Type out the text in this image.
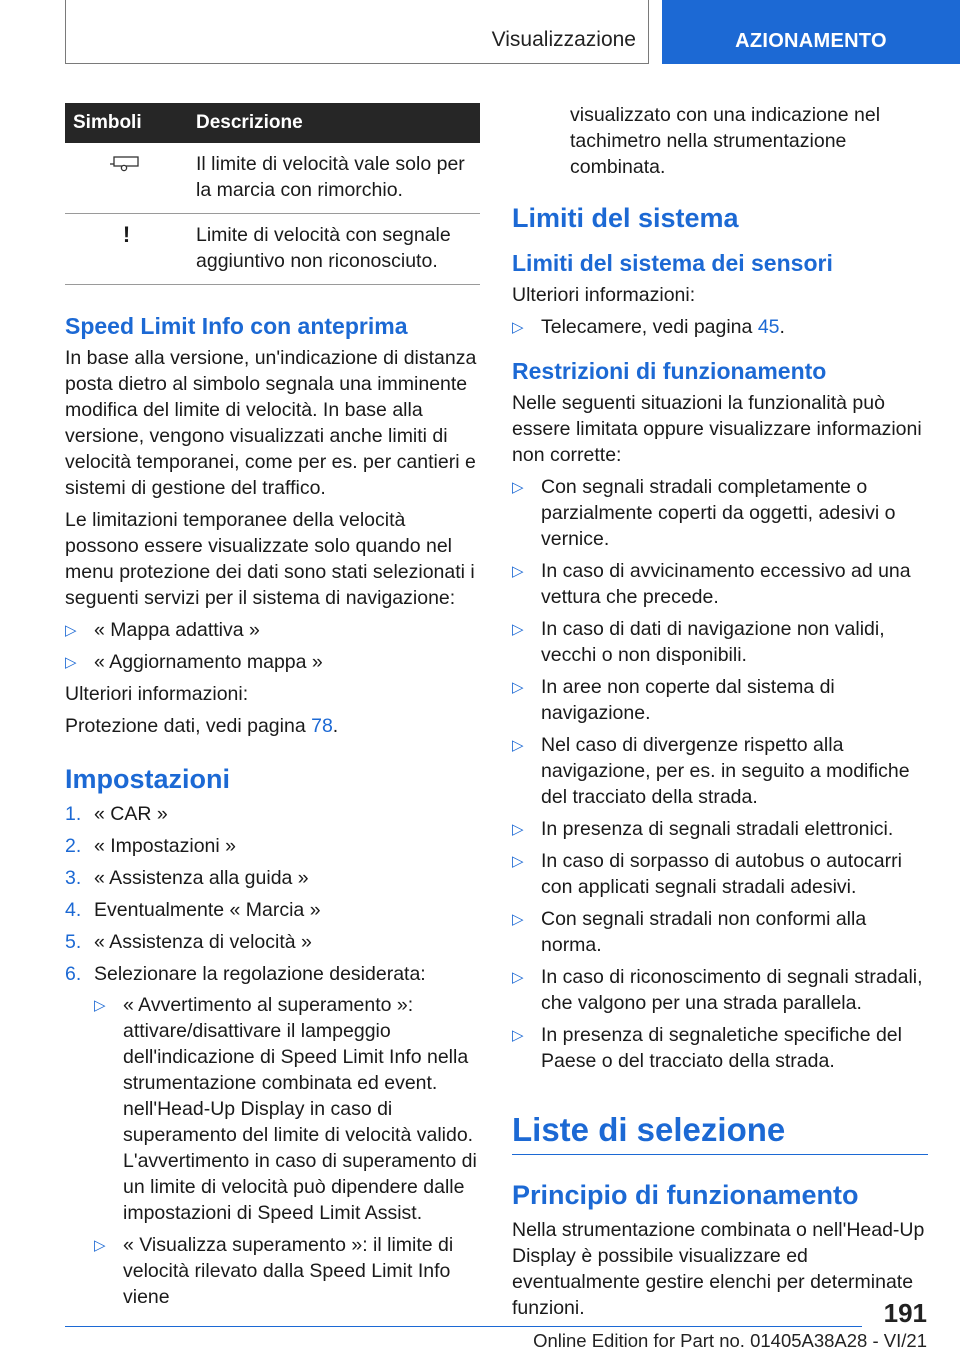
Visualizzazione	AZIONAMENTO
Simboli	Descrizione
	Il limite di velocità vale solo per la marcia con rimorchio.
!	Limite di velocità con segnale aggiuntivo non riconosciuto.
Speed Limit Info con anteprima

In base alla versione, un'indicazione di distanza posta dietro al simbolo segnala una imminente modifica del limite di velocità. In base alla versione, vengono visualizzati anche limiti di velocità temporanei, come per es. per cantieri e sistemi di gestione del traffico.

Le limitazioni temporanee della velocità possono essere visualizzate solo quando nel menu protezione dei dati sono stati selezionati i seguenti servizi per il sistema di navigazione:

▷ « Mappa adattiva »
▷ « Aggiornamento mappa »

Ulteriori informazioni:

Protezione dati, vedi pagina 78.

Impostazioni
1. « CAR »
2. « Impostazioni »
3. « Assistenza alla guida »
4. Eventualmente « Marcia »
5. « Assistenza di velocità »
6. Selezionare la regolazione desiderata:
▷ « Avvertimento al superamento »: attivare/disattivare il lampeggio dell'indicazione di Speed Limit Info nella strumentazione combinata ed event. nell'Head-Up Display in caso di superamento del limite di velocità valido. L'avvertimento in caso di superamento di un limite di velocità può dipendere dalle impostazioni di Speed Limit Assist.
▷ « Visualizza superamento »: il limite di velocità rilevato dalla Speed Limit Info viene

visualizzato con una indicazione nel tachimetro nella strumentazione combinata.

Limiti del sistema
Limiti del sistema dei sensori

Ulteriori informazioni:

▷ Telecamere, vedi pagina 45.
Restrizioni di funzionamento

Nelle seguenti situazioni la funzionalità può essere limitata oppure visualizzare informazioni non corrette:

▷ Con segnali stradali completamente o parzialmente coperti da oggetti, adesivi o vernice.
▷ In caso di avvicinamento eccessivo ad una vettura che precede.
▷ In caso di dati di navigazione non validi, vecchi o non disponibili.
▷ In aree non coperte dal sistema di navigazione.
▷ Nel caso di divergenze rispetto alla navigazione, per es. in seguito a modifiche del tracciato della strada.
▷ In presenza di segnali stradali elettronici.
▷ In caso di sorpasso di autobus o autocarri con applicati segnali stradali adesivi.
▷ Con segnali stradali non conformi alla norma.
▷ In caso di riconoscimento di segnali stradali, che valgono per una strada parallela.
▷ In presenza di segnaletiche specifiche del Paese o del tracciato della strada.
Liste di selezione
Principio di funzionamento

Nella strumentazione combinata o nell'Head-Up Display è possibile visualizzare ed eventualmente gestire elenchi per determinate funzioni.	191
Online Edition for Part no. 01405A38A28 - VI/21
